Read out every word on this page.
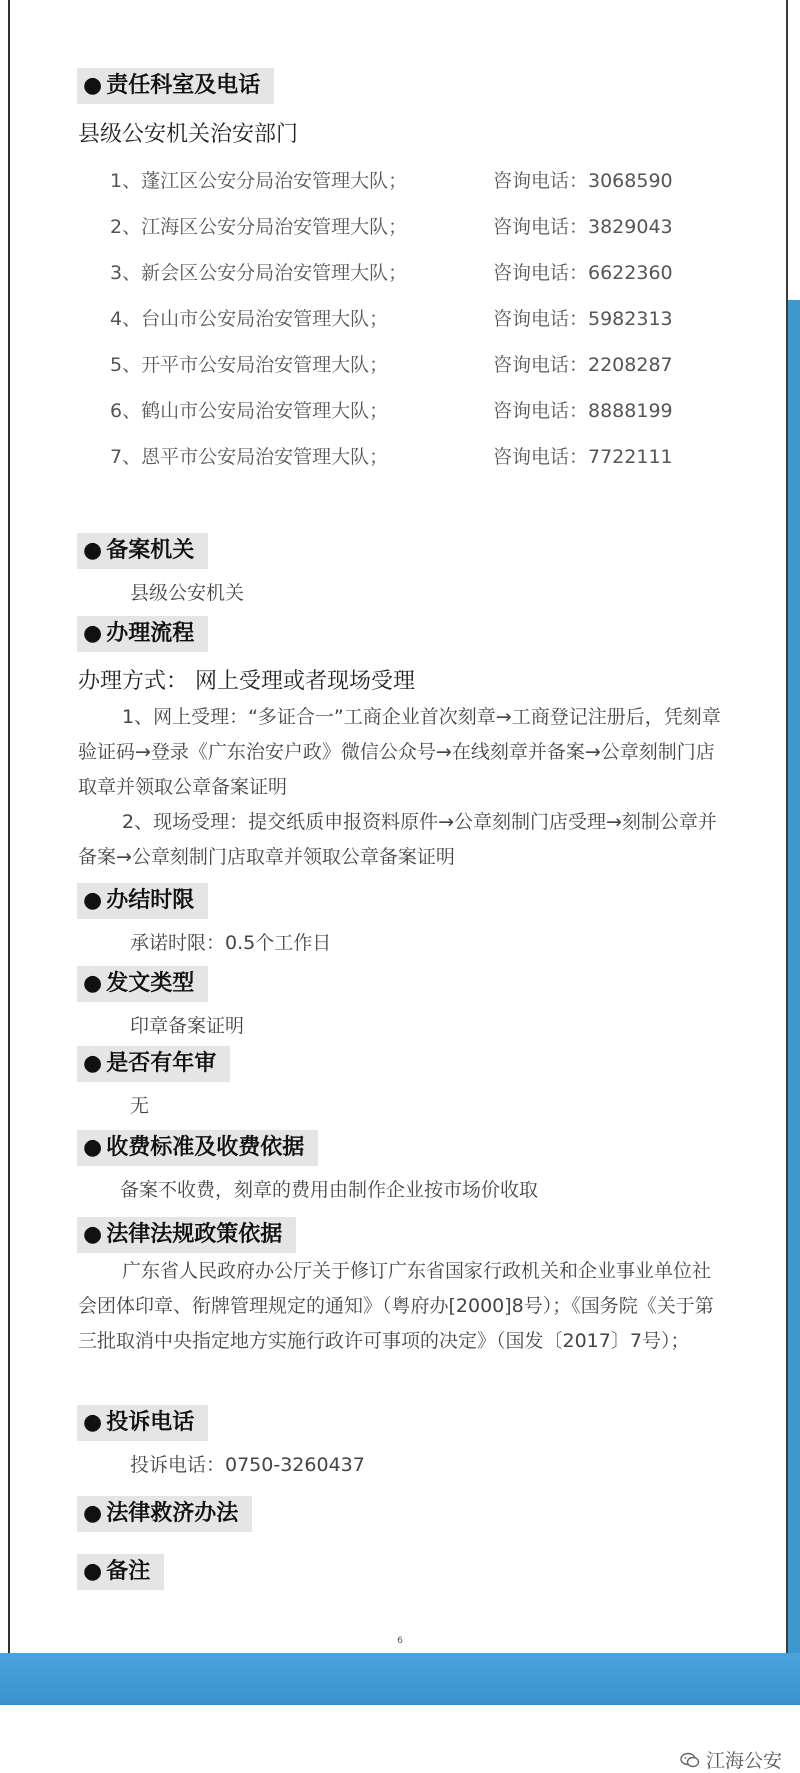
● 责任科室及电话
县级公安机关治安部门
1、蓬江区公安分局治安管理大队；	咨询电话：3068590
2、江海区公安分局治安管理大队；	咨询电话：3829043
3、新会区公安分局治安管理大队；	咨询电话：6622360
4、台山市公安局治安管理大队；	咨询电话：5982313
5、开平市公安局治安管理大队；	咨询电话：2208287
6、鹤山市公安局治安管理大队；	咨询电话：8888199
7、恩平市公安局治安管理大队；	咨询电话：7722111
● 备案机关
县级公安机关
● 办理流程
办理方式： 网上受理或者现场受理
1、网上受理：“多证合一”工商企业首次刻章→工商登记注册后，凭刻章验证码→登录《广东治安户政》微信公众号→在线刻章并备案→公章刻制门店取章并领取公章备案证明
2、现场受理：提交纸质申报资料原件→公章刻制门店受理→刻制公章并备案→公章刻制门店取章并领取公章备案证明
● 办结时限
承诺时限：0.5个工作日
● 发文类型
印章备案证明
● 是否有年审
无
● 收费标准及收费依据
备案不收费，刻章的费用由制作企业按市场价收取
● 法律法规政策依据
广东省人民政府办公厅关于修订广东省国家行政机关和企业事业单位社会团体印章、衔牌管理规定的通知》（粤府办[2000]8号）；《国务院《关于第三批取消中央指定地方实施行政许可事项的决定》（国发〔2017〕7号）；
● 投诉电话
投诉电话：0750-3260437
● 法律救济办法
● 备注
6
江海公安
